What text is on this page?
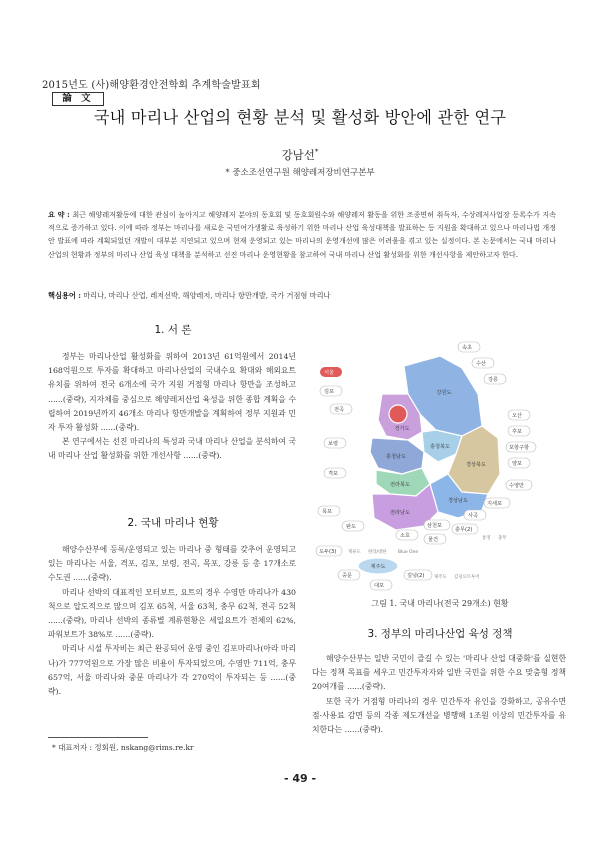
2015년도 (사)해양환경안전학회 추계학술발표회
論 文
국내 마리나 산업의 현황 분석 및 활성화 방안에 관한 연구
강남선*
* 중소조선연구원 해양레저장비연구본부
요 약 : 최근 해양레저활동에 대한 관심이 높아지고 해양레저 분야의 동호회 및 동호회원수와 해양레저 활동을 위한 조종면허 취득자, 수상레저사업장 등록수가 지속적으로 증가하고 있다. 이에 따라 정부는 마리나를 새로운 국민여가생활로 육성하기 위한 마리나 산업 육성대책을 발표하는 등 지원을 확대하고 있으나 마리나법 개정안 발표에 따라 계획되었던 개발이 대부분 지연되고 있으며 현재 운영되고 있는 마리나의 운영개선에 많은 어려움을 겪고 있는 실정이다. 본 논문에서는 국내 마리나산업의 현황과 정부의 마리나 산업 육성 대책을 분석하고 선진 마리나 운영현황을 참고하여 국내 마리나 산업 활성화를 위한 개선사항을 제안하고자 한다.
핵심용어 : 마리나, 마리나 산업, 레저선박, 해양레저, 마리나 항만개발, 국가 거점형 마리나
1. 서 론

정부는 마리나산업 활성화를 위하여 2013년 61억원에서 2014년 168억원으로 투자를 확대하고 마리나산업의 국내수요 확대와 해외요트 유치를 위하여 전국 6개소에 국가 지원 거점형 마리나 항만을 조성하고 ......(중략), 지자체를 중심으로 해양레저산업 육성을 위한 종합 계획을 수립하여 2019년까지 46개소 마리나 항만개발을 계획하여 정부 지원과 민자 투자 활성화 ......(중략).

본 연구에서는 선진 마리나의 특성과 국내 마리나 산업을 분석하여 국내 마리나 산업 활성화를 위한 개선사항 ......(중략).

2. 국내 마리나 현황

해양수산부에 등록/운영되고 있는 마리나 중 형태를 갖추어 운영되고 있는 마리나는 서울, 격포, 김포, 보령, 전곡, 목포, 강릉 등 총 17개소로 수도권 ......(중략).

마리나 선박의 대표적인 모터보트, 요트의 경우 수영만 마리나가 430척으로 압도적으로 많으며 김포 65척, 서울 63척, 충무 62척, 전곡 52척 ......(중략), 마리나 선박의 종류별 계류현황은 세일요트가 전체의 62%, 파워보트가 38%로 ......(중략).

마리나 시설 투자비는 최근 완공되어 운영 중인 김포마리나(아라 마리나)가 777억원으로 가장 많은 비용이 투자되었으며, 수영만 711억, 충무 657억, 서울 마리나와 중문 마리나가 각 270억이 투자되는 등 ......(중략).

강원도
경기도
충청북도
충청남도
전라북도
경상북도
전라남도
경상남도
제주도
서울
김포
전곡
보령
격포
목포
완도
소호
도두(3)
속초
수산
강릉
오산
후포
포항구항
양포
수영만
지세포
사곡
충무(2)
삼천포
물건
계류도 한라/대한	Blue One
통영 충무
제주도 김녕요트투어
중문
대포
김녕(2)
그림 1. 국내 마리나(전국 29개소) 현황
3. 정부의 마리나산업 육성 정책

해양수산부는 일반 국민이 즐길 수 있는 '마리나 산업 대중화'를 실현한다는 정책 목표를 세우고 민간투자자와 일반 국민을 위한 수요 맞춤형 정책 20여개를 ......(중략).

또한 국가 거점형 마리나의 경우 민간투자 유인을 강화하고, 공유수면 점·사용료 감면 등의 각종 제도개선을 병행해 1조원 이상의 민간투자를 유치한다는 ......(중략).

* 대표저자 : 정회원, nskang@rims.re.kr
- 49 -
